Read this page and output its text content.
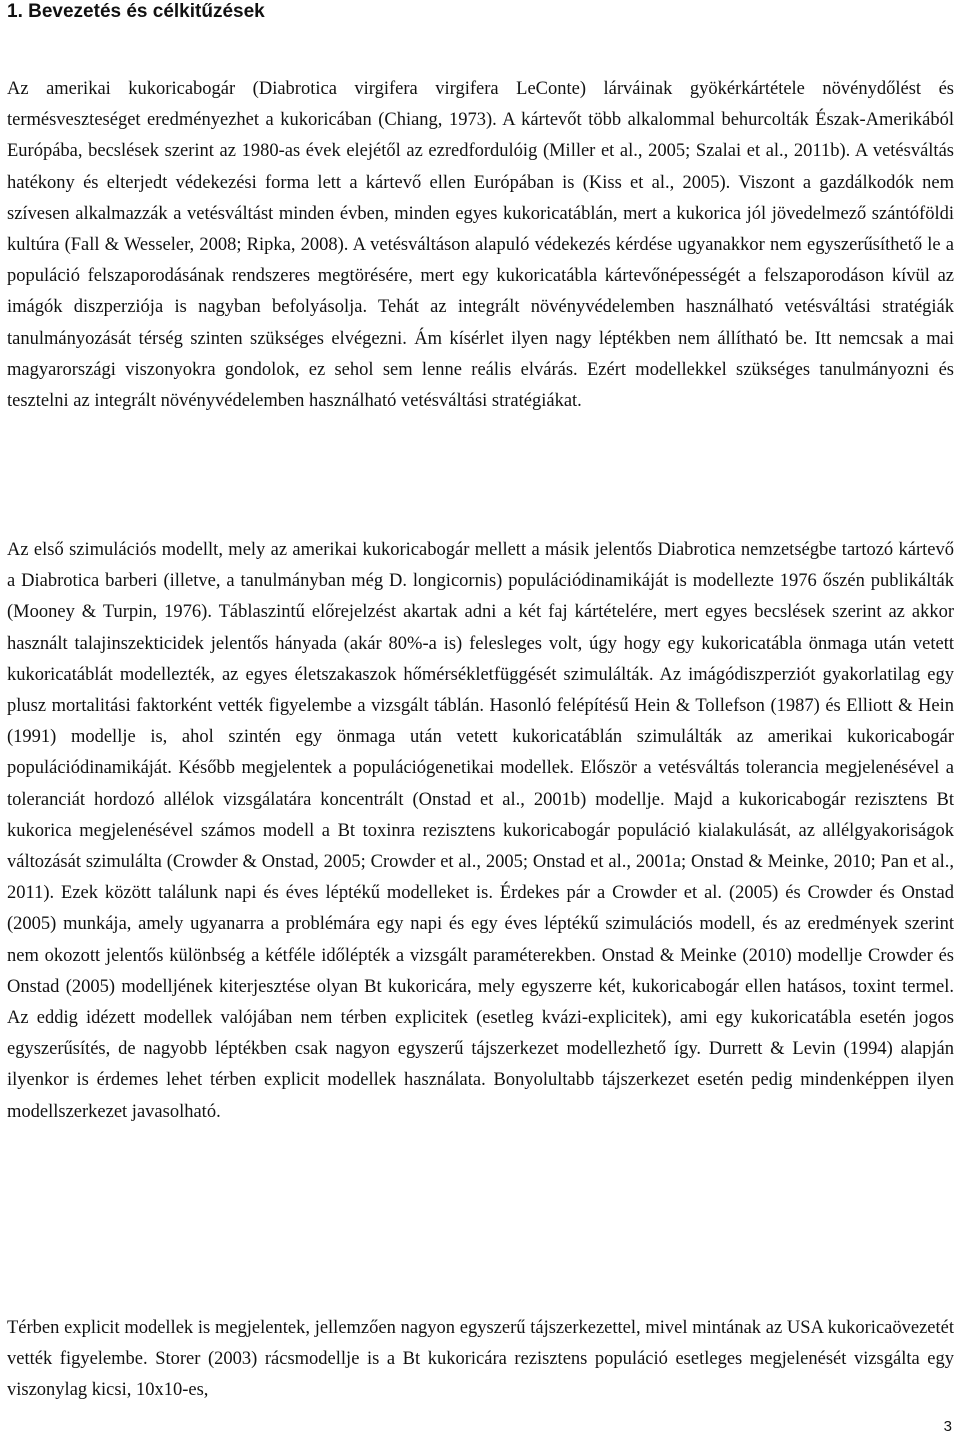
1. Bevezetés és célkitűzések

Az amerikai kukoricabogár (Diabrotica virgifera virgifera LeConte) lárváinak gyökérkártétele növénydőlést és termésveszteséget eredményezhet a kukoricában (Chiang, 1973). A kártevőt több alkalommal behurcolták Észak-Amerikából Európába, becslések szerint az 1980-as évek elejétől az ezredfordulóig (Miller et al., 2005; Szalai et al., 2011b). A vetésváltás hatékony és elterjedt védekezési forma lett a kártevő ellen Európában is (Kiss et al., 2005). Viszont a gazdálkodók nem szívesen alkalmazzák a vetésváltást minden évben, minden egyes kukoricatáblán, mert a kukorica jól jövedelmező szántóföldi kultúra (Fall & Wesseler, 2008; Ripka, 2008). A vetésváltáson alapuló védekezés kérdése ugyanakkor nem egyszerűsíthető le a populáció felszaporodásának rendszeres megtörésére, mert egy kukoricatábla kártevőnépességét a felszaporodáson kívül az imágók diszperziója is nagyban befolyásolja. Tehát az integrált növényvédelemben használható vetésváltási stratégiák tanulmányozását térség szinten szükséges elvégezni. Ám kísérlet ilyen nagy léptékben nem állítható be. Itt nemcsak a mai magyarországi viszonyokra gondolok, ez sehol sem lenne reális elvárás. Ezért modellekkel szükséges tanulmányozni és tesztelni az integrált növényvédelemben használható vetésváltási stratégiákat.

Az első szimulációs modellt, mely az amerikai kukoricabogár mellett a másik jelentős Diabrotica nemzetségbe tartozó kártevő a Diabrotica barberi (illetve, a tanulmányban még D. longicornis) populációdinamikáját is modellezte 1976 őszén publikálták (Mooney & Turpin, 1976). Táblaszintű előrejelzést akartak adni a két faj kártételére, mert egyes becslések szerint az akkor használt talajinszekticidek jelentős hányada (akár 80%-a is) felesleges volt, úgy hogy egy kukoricatábla önmaga után vetett kukoricatáblát modellezték, az egyes életszakaszok hőmérsékletfüggését szimulálták. Az imágódiszperziót gyakorlatilag egy plusz mortalitási faktorként vették figyelembe a vizsgált táblán. Hasonló felépítésű Hein & Tollefson (1987) és Elliott & Hein (1991) modellje is, ahol szintén egy önmaga után vetett kukoricatáblán szimulálták az amerikai kukoricabogár populációdinamikáját. Később megjelentek a populációgenetikai modellek. Először a vetésváltás tolerancia megjelenésével a toleranciát hordozó allélok vizsgálatára koncentrált (Onstad et al., 2001b) modellje. Majd a kukoricabogár rezisztens Bt kukorica megjelenésével számos modell a Bt toxinra rezisztens kukoricabogár populáció kialakulását, az allélgyakoriságok változását szimulálta (Crowder & Onstad, 2005; Crowder et al., 2005; Onstad et al., 2001a; Onstad & Meinke, 2010; Pan et al., 2011). Ezek között találunk napi és éves léptékű modelleket is. Érdekes pár a Crowder et al. (2005) és Crowder és Onstad (2005) munkája, amely ugyanarra a problémára egy napi és egy éves léptékű szimulációs modell, és az eredmények szerint nem okozott jelentős különbség a kétféle időlépték a vizsgált paraméterekben. Onstad & Meinke (2010) modellje Crowder és Onstad (2005) modelljének kiterjesztése olyan Bt kukoricára, mely egyszerre két, kukoricabogár ellen hatásos, toxint termel. Az eddig idézett modellek valójában nem térben explicitek (esetleg kvázi-explicitek), ami egy kukoricatábla esetén jogos egyszerűsítés, de nagyobb léptékben csak nagyon egyszerű tájszerkezet modellezhető így. Durrett & Levin (1994) alapján ilyenkor is érdemes lehet térben explicit modellek használata. Bonyolultabb tájszerkezet esetén pedig mindenképpen ilyen modellszerkezet javasolható.

Térben explicit modellek is megjelentek, jellemzően nagyon egyszerű tájszerkezettel, mivel mintának az USA kukoricaövezetét vették figyelembe. Storer (2003) rácsmodellje is a Bt kukoricára rezisztens populáció esetleges megjelenését vizsgálta egy viszonylag kicsi, 10x10-es,

3
